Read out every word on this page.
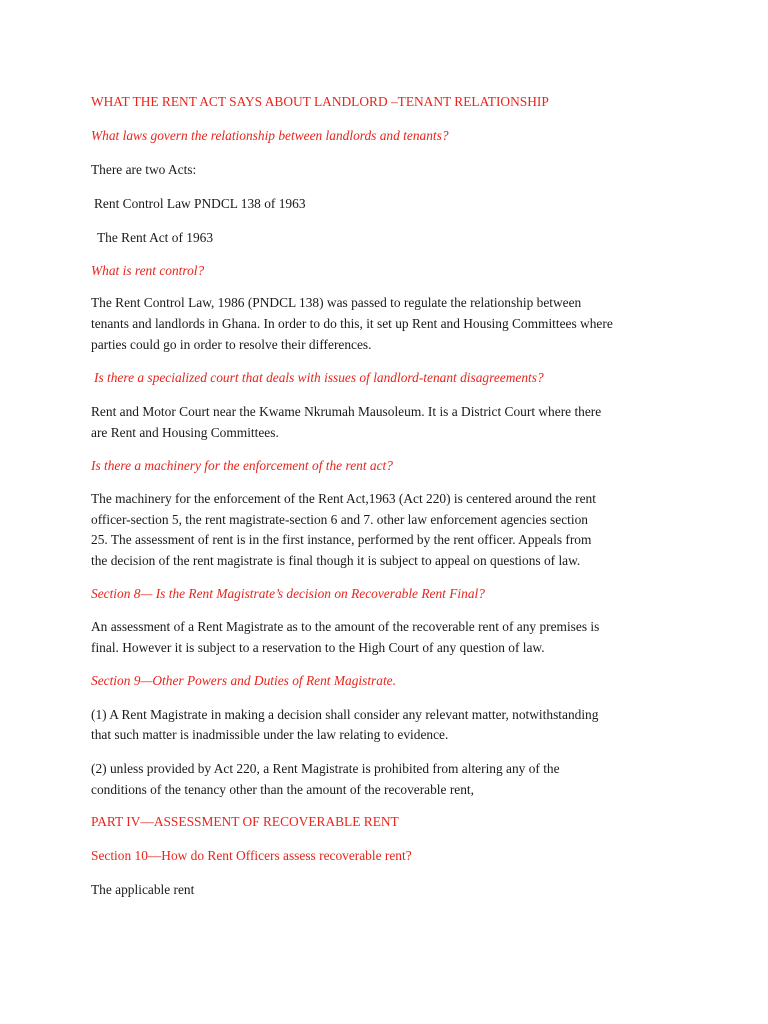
WHAT THE RENT ACT SAYS ABOUT LANDLORD –TENANT RELATIONSHIP
What laws govern the relationship between landlords and tenants?
There are two Acts:
Rent Control Law PNDCL 138 of 1963
The Rent Act of 1963
What is rent control?
The Rent Control Law, 1986 (PNDCL 138) was passed to regulate the relationship between
tenants and landlords in Ghana. In order to do this, it set up Rent and Housing Committees where
parties could go in order to resolve their differences.
Is there a specialized court that deals with issues of landlord-tenant disagreements?
Rent and Motor Court near the Kwame Nkrumah Mausoleum. It is a District Court where there
are Rent and Housing Committees.
Is there a machinery for the enforcement of the rent act?
The machinery for the enforcement of the Rent Act,1963 (Act 220) is centered around the rent
officer-section 5, the rent magistrate-section 6 and 7. other law enforcement agencies section
25. The assessment of rent is in the first instance, performed by the rent officer. Appeals from
the decision of the rent magistrate is final though it is subject to appeal on questions of law.
Section 8— Is the Rent Magistrate’s decision on Recoverable Rent Final?
An assessment of a Rent Magistrate as to the amount of the recoverable rent of any premises is
final. However it is subject to a reservation to the High Court of any question of law.
Section 9—Other Powers and Duties of Rent Magistrate.
(1) A Rent Magistrate in making a decision shall consider any relevant matter, notwithstanding
that such matter is inadmissible under the law relating to evidence.
(2) unless provided by Act 220, a Rent Magistrate is prohibited from altering any of the
conditions of the tenancy other than the amount of the recoverable rent,
PART IV—ASSESSMENT OF RECOVERABLE RENT
Section 10—How do Rent Officers assess recoverable rent?
The applicable rent
